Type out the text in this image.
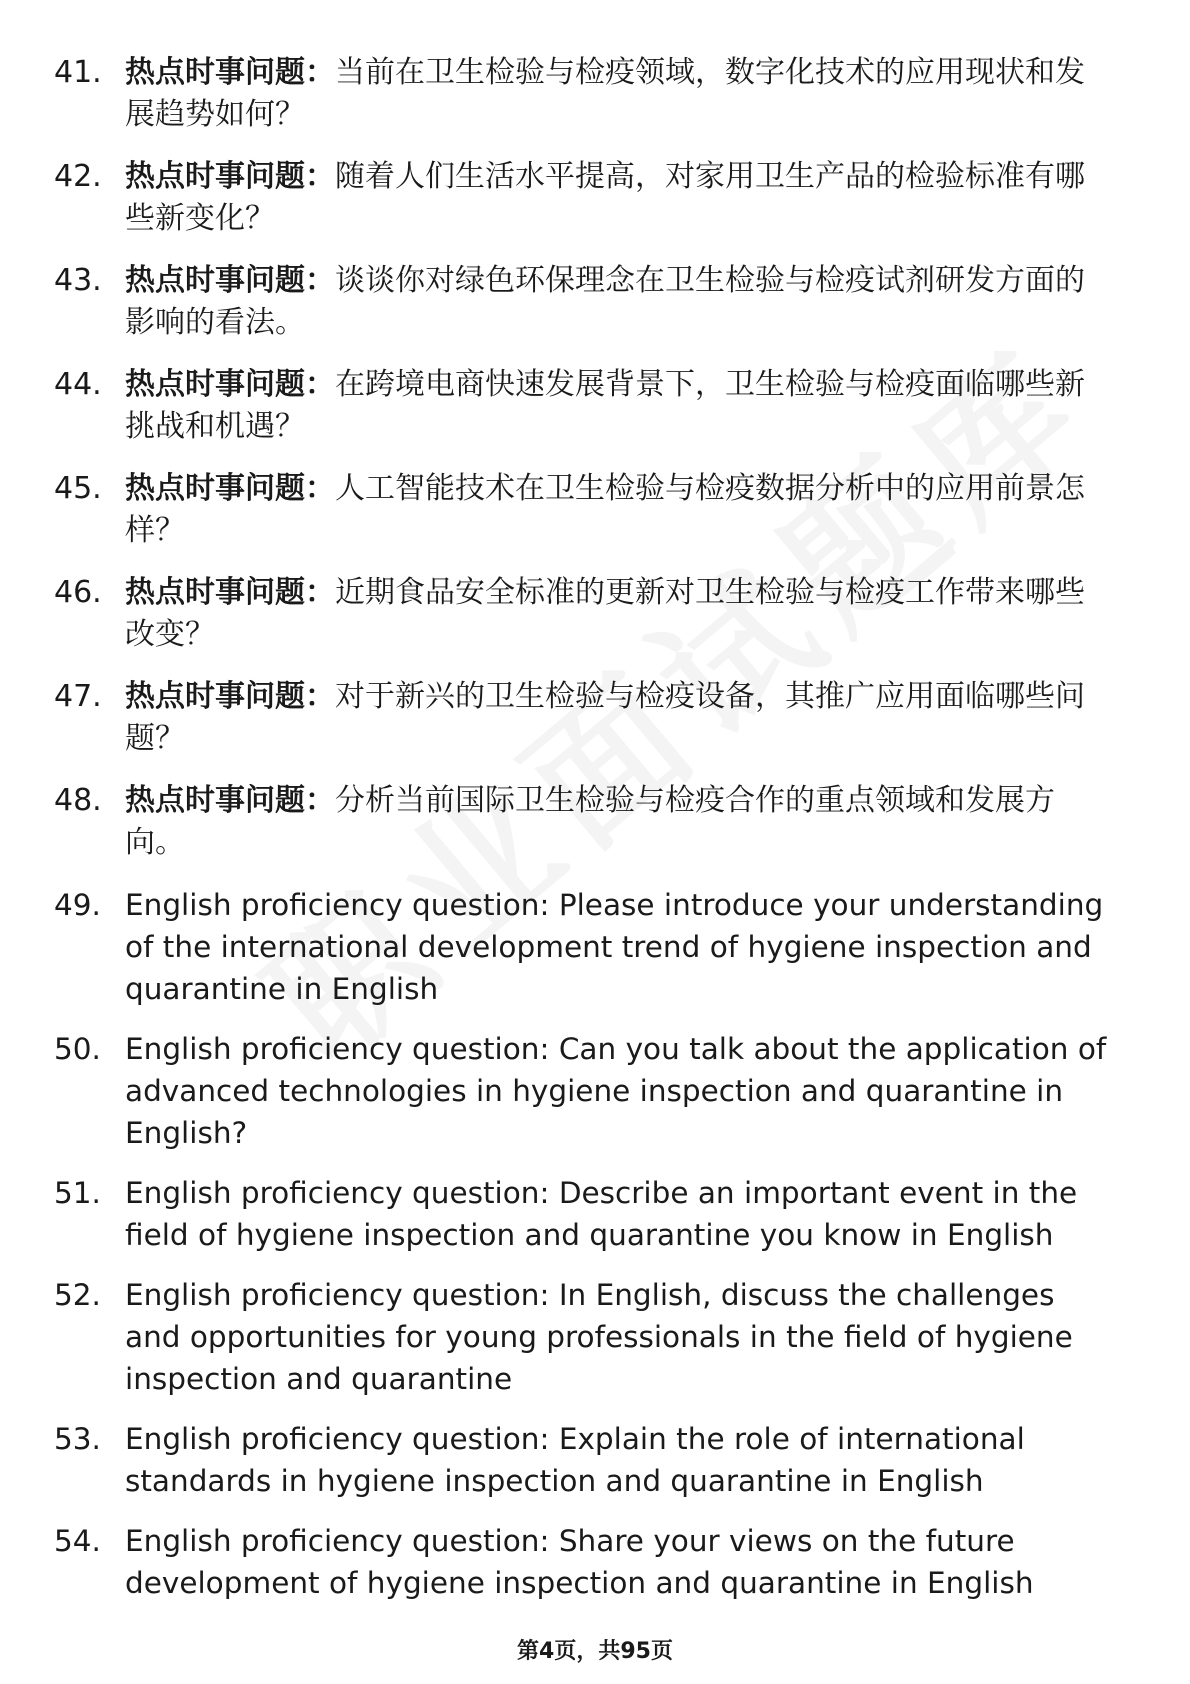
41. 热点时事问题：当前在卫生检验与检疫领域，数字化技术的应用现状和发展趋势如何？
42. 热点时事问题：随着人们生活水平提高，对家用卫生产品的检验标准有哪些新变化？
43. 热点时事问题：谈谈你对绿色环保理念在卫生检验与检疫试剂研发方面的影响的看法。
44. 热点时事问题：在跨境电商快速发展背景下，卫生检验与检疫面临哪些新挑战和机遇？
45. 热点时事问题：人工智能技术在卫生检验与检疫数据分析中的应用前景怎样？
46. 热点时事问题：近期食品安全标准的更新对卫生检验与检疫工作带来哪些改变？
47. 热点时事问题：对于新兴的卫生检验与检疫设备，其推广应用面临哪些问题？
48. 热点时事问题：分析当前国际卫生检验与检疫合作的重点领域和发展方向。
49. English proficiency question: Please introduce your understanding of the international development trend of hygiene inspection and quarantine in English
50. English proficiency question: Can you talk about the application of advanced technologies in hygiene inspection and quarantine in English?
51. English proficiency question: Describe an important event in the field of hygiene inspection and quarantine you know in English
52. English proficiency question: In English, discuss the challenges and opportunities for young professionals in the field of hygiene inspection and quarantine
53. English proficiency question: Explain the role of international standards in hygiene inspection and quarantine in English
54. English proficiency question: Share your views on the future development of hygiene inspection and quarantine in English
第4页，共95页
